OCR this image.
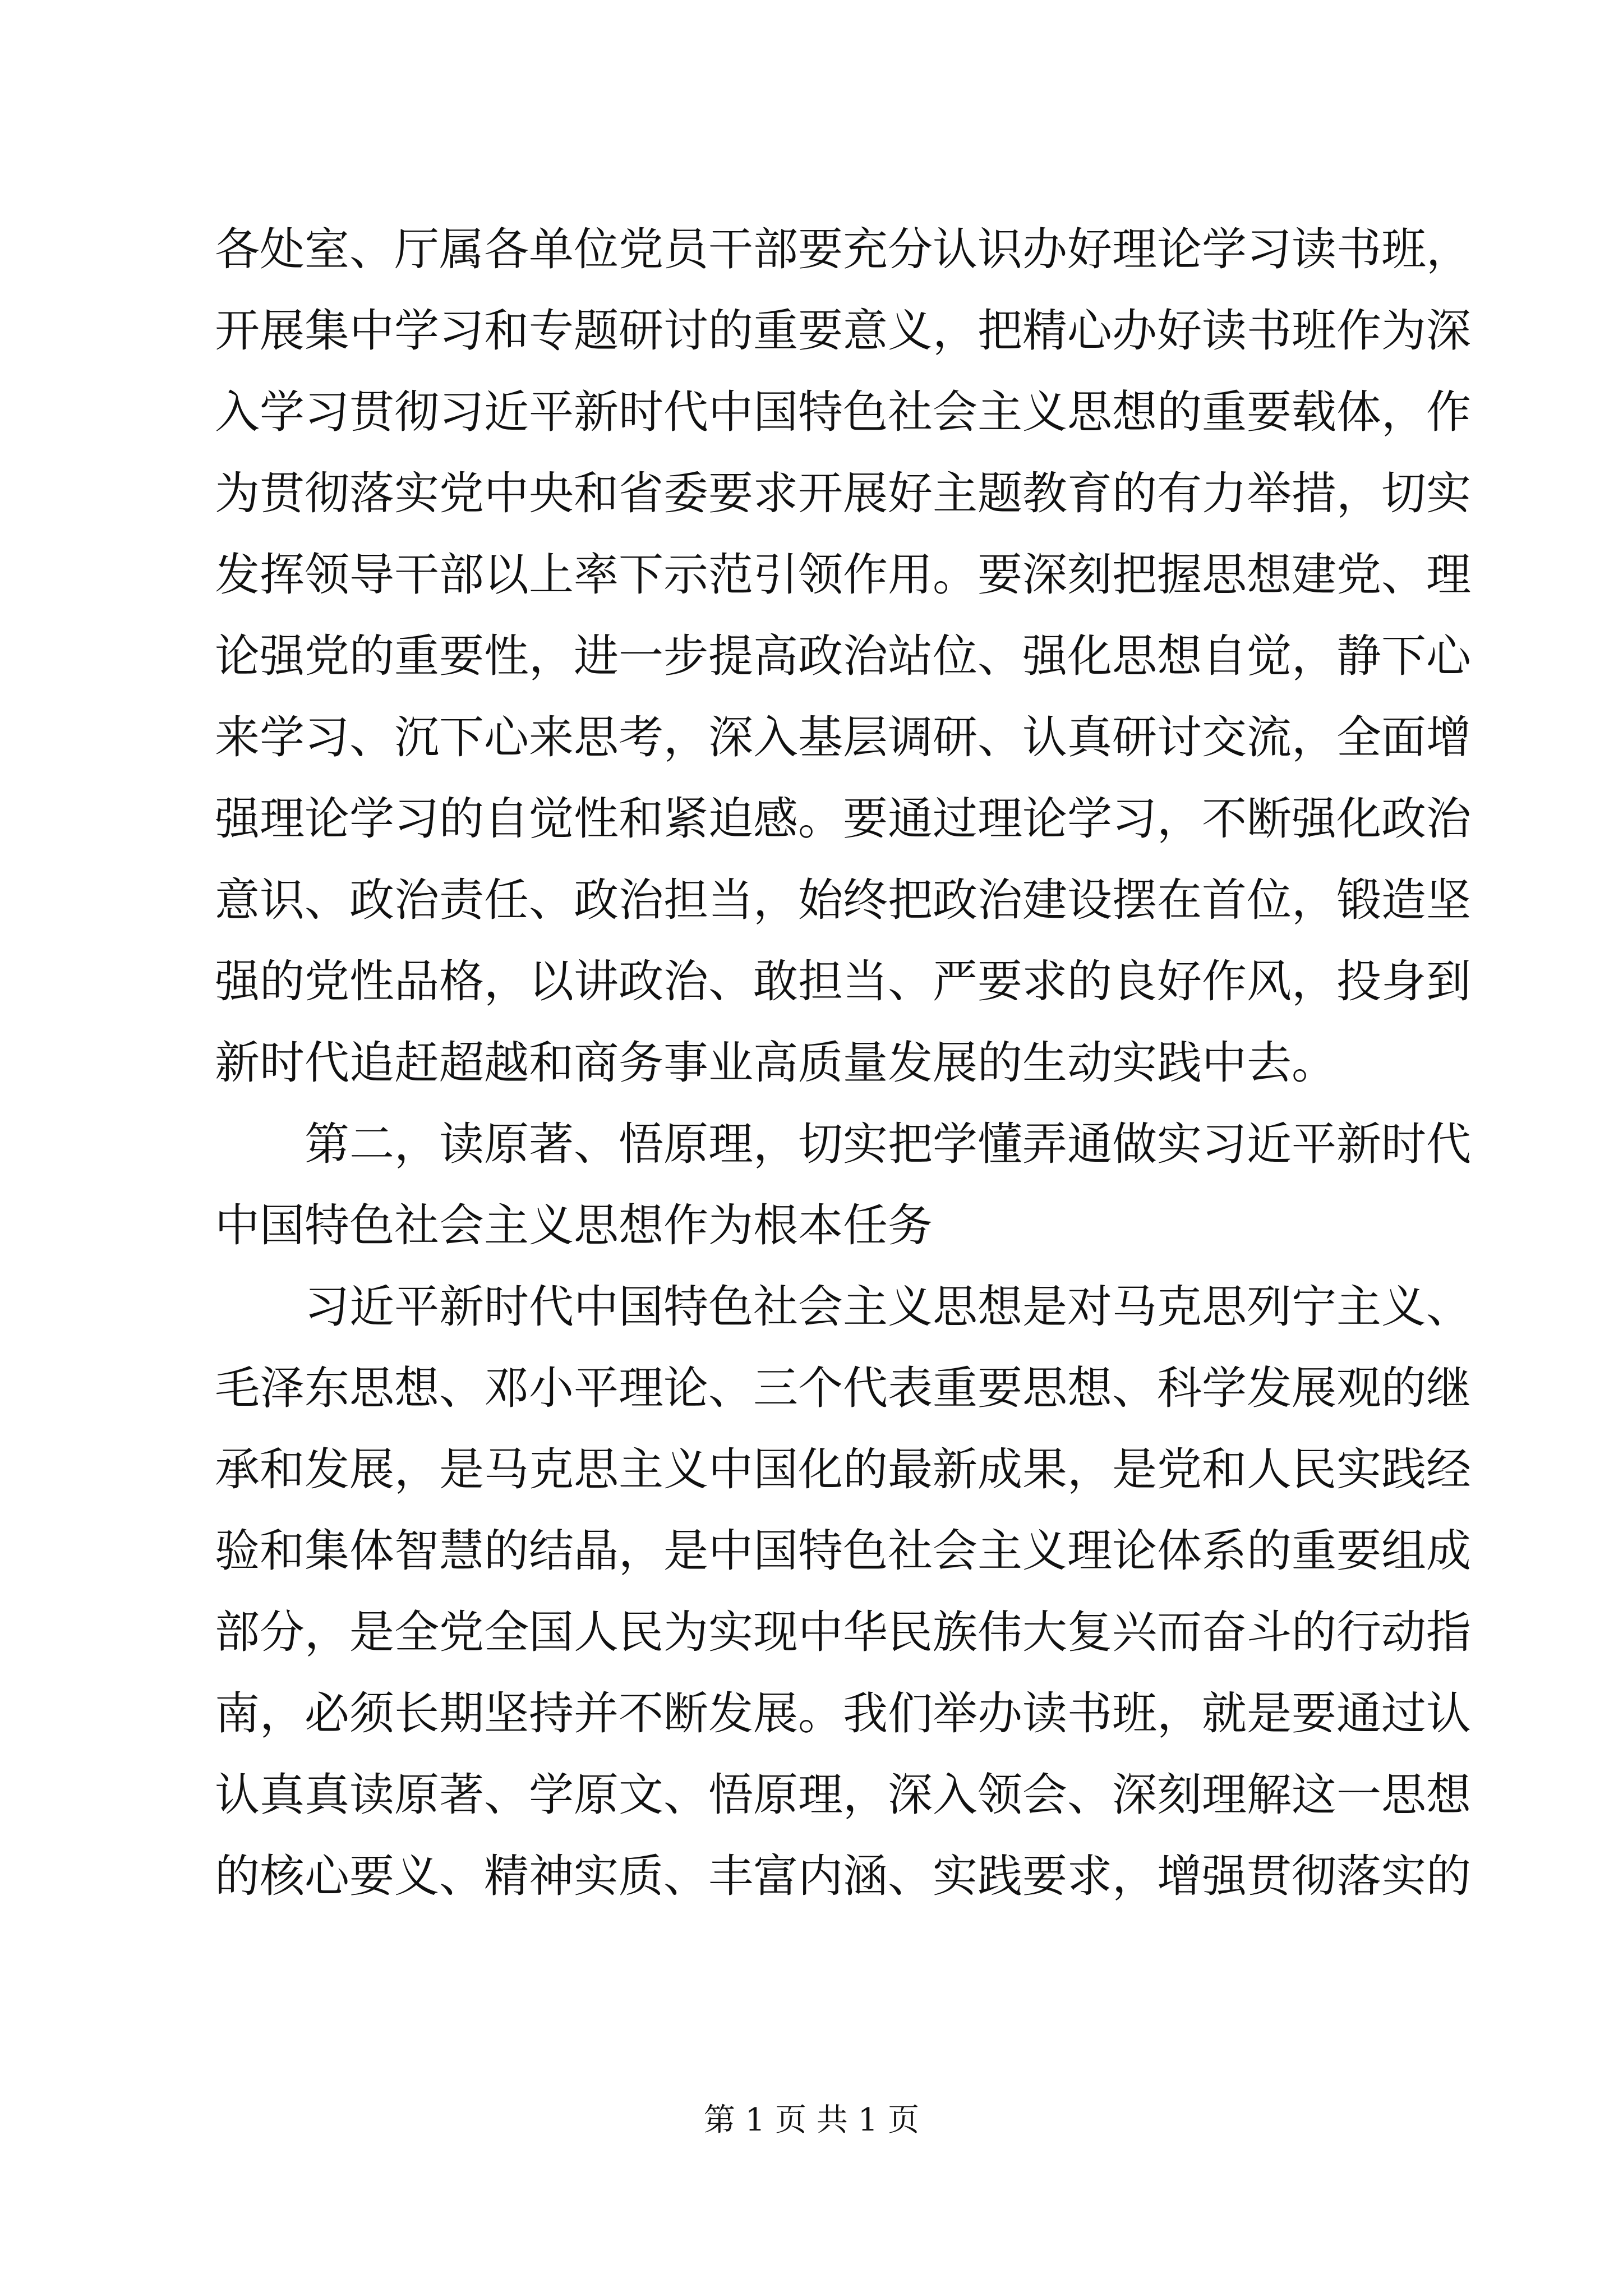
各处室、厅属各单位党员干部要充分认识办好理论学习读书班，
开展集中学习和专题研讨的重要意义，把精心办好读书班作为深
入学习贯彻习近平新时代中国特色社会主义思想的重要载体，作
为贯彻落实党中央和省委要求开展好主题教育的有力举措，切实
发挥领导干部以上率下示范引领作用。要深刻把握思想建党、理
论强党的重要性，进一步提高政治站位、强化思想自觉，静下心
来学习、沉下心来思考，深入基层调研、认真研讨交流，全面增
强理论学习的自觉性和紧迫感。要通过理论学习，不断强化政治
意识、政治责任、政治担当，始终把政治建设摆在首位，锻造坚
强的党性品格，以讲政治、敢担当、严要求的良好作风，投身到
新时代追赶超越和商务事业高质量发展的生动实践中去。
　　第二，读原著、悟原理，切实把学懂弄通做实习近平新时代
中国特色社会主义思想作为根本任务
　　习近平新时代中国特色社会主义思想是对马克思列宁主义、
毛泽东思想、邓小平理论、三个代表重要思想、科学发展观的继
承和发展，是马克思主义中国化的最新成果，是党和人民实践经
验和集体智慧的结晶，是中国特色社会主义理论体系的重要组成
部分，是全党全国人民为实现中华民族伟大复兴而奋斗的行动指
南，必须长期坚持并不断发展。我们举办读书班，就是要通过认
认真真读原著、学原文、悟原理，深入领会、深刻理解这一思想
的核心要义、精神实质、丰富内涵、实践要求，增强贯彻落实的
第 1 页 共 1 页
